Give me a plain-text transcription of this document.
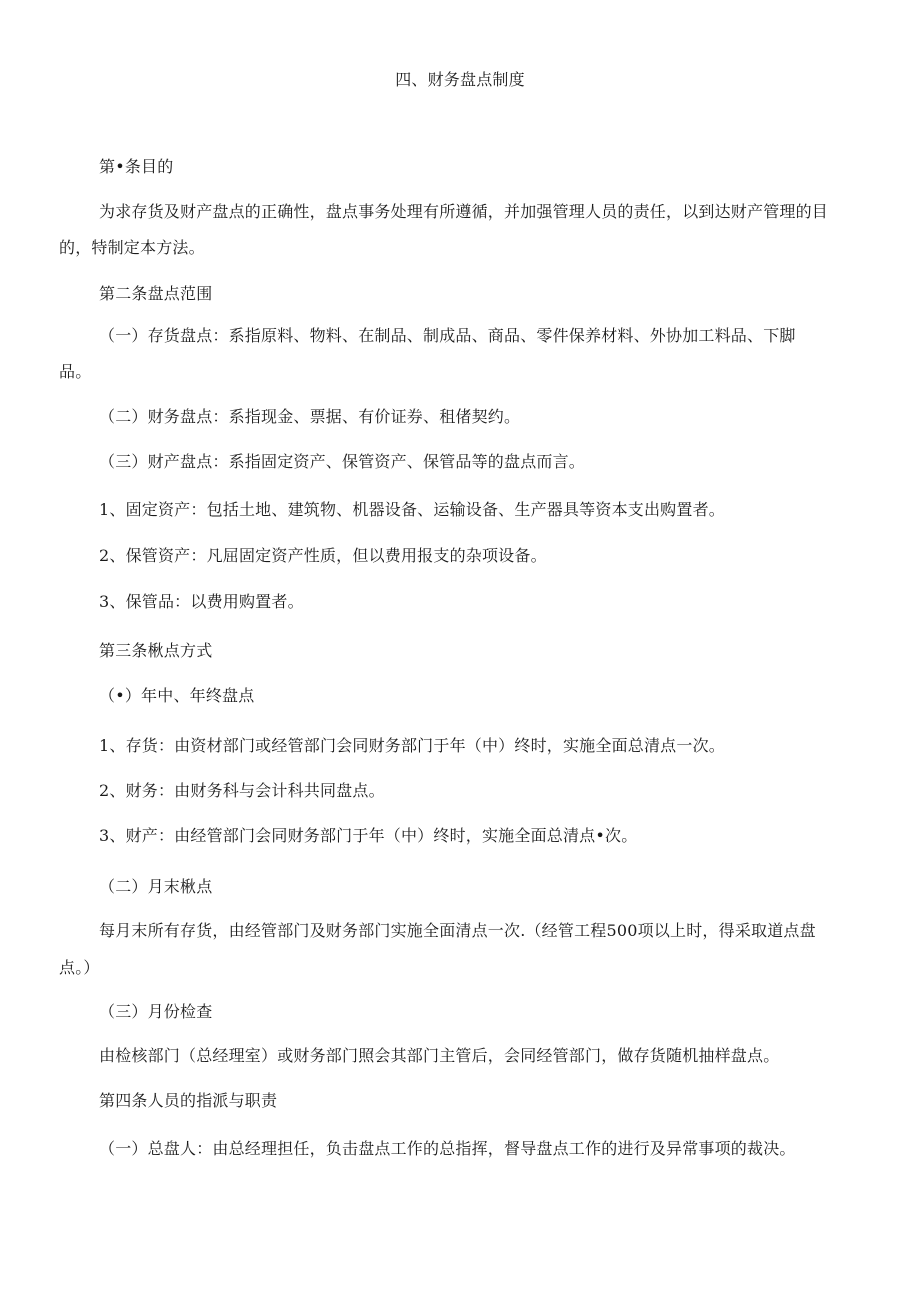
四、财务盘点制度
第•条目的
为求存货及财产盘点的正确性，盘点事务处理有所遵循，并加强管理人员的责任，以到达财产管理的目
的，特制定本方法。
第二条盘点范围
（一）存货盘点：系指原料、物料、在制品、制成品、商品、零件保养材料、外协加工料品、下脚
品。
（二）财务盘点：系指现金、票据、有价证券、租偖契约。
（三）财产盘点：系指固定资产、保管资产、保管品等的盘点而言。
1、固定资产：包括土地、建筑物、机器设备、运输设备、生产器具等资本支出购置者。
2、保管资产：凡屈固定资产性质，但以费用报支的杂项设备。
3、保管品：以费用购置者。
第三条楸点方式
（•）年中、年终盘点
1、存货：由资材部门或经管部门会同财务部门于年（中）终时，实施全面总清点一次。
2、财务：由财务科与会计科共同盘点。
3、财产：由经管部门会同财务部门于年（中）终时，实施全面总清点•次。
（二）月末楸点
每月末所有存货，由经管部门及财务部门实施全面清点一次.（经管工程500项以上时，得采取道点盘
点。）
（三）月份检查
由检核部门（总经理室）或财务部门照会其部门主管后，会同经管部门，做存货随机抽样盘点。
第四条人员的指派与职责
（一）总盘人：由总经理担任，负击盘点工作的总指挥，督导盘点工作的进行及异常事项的裁决。
